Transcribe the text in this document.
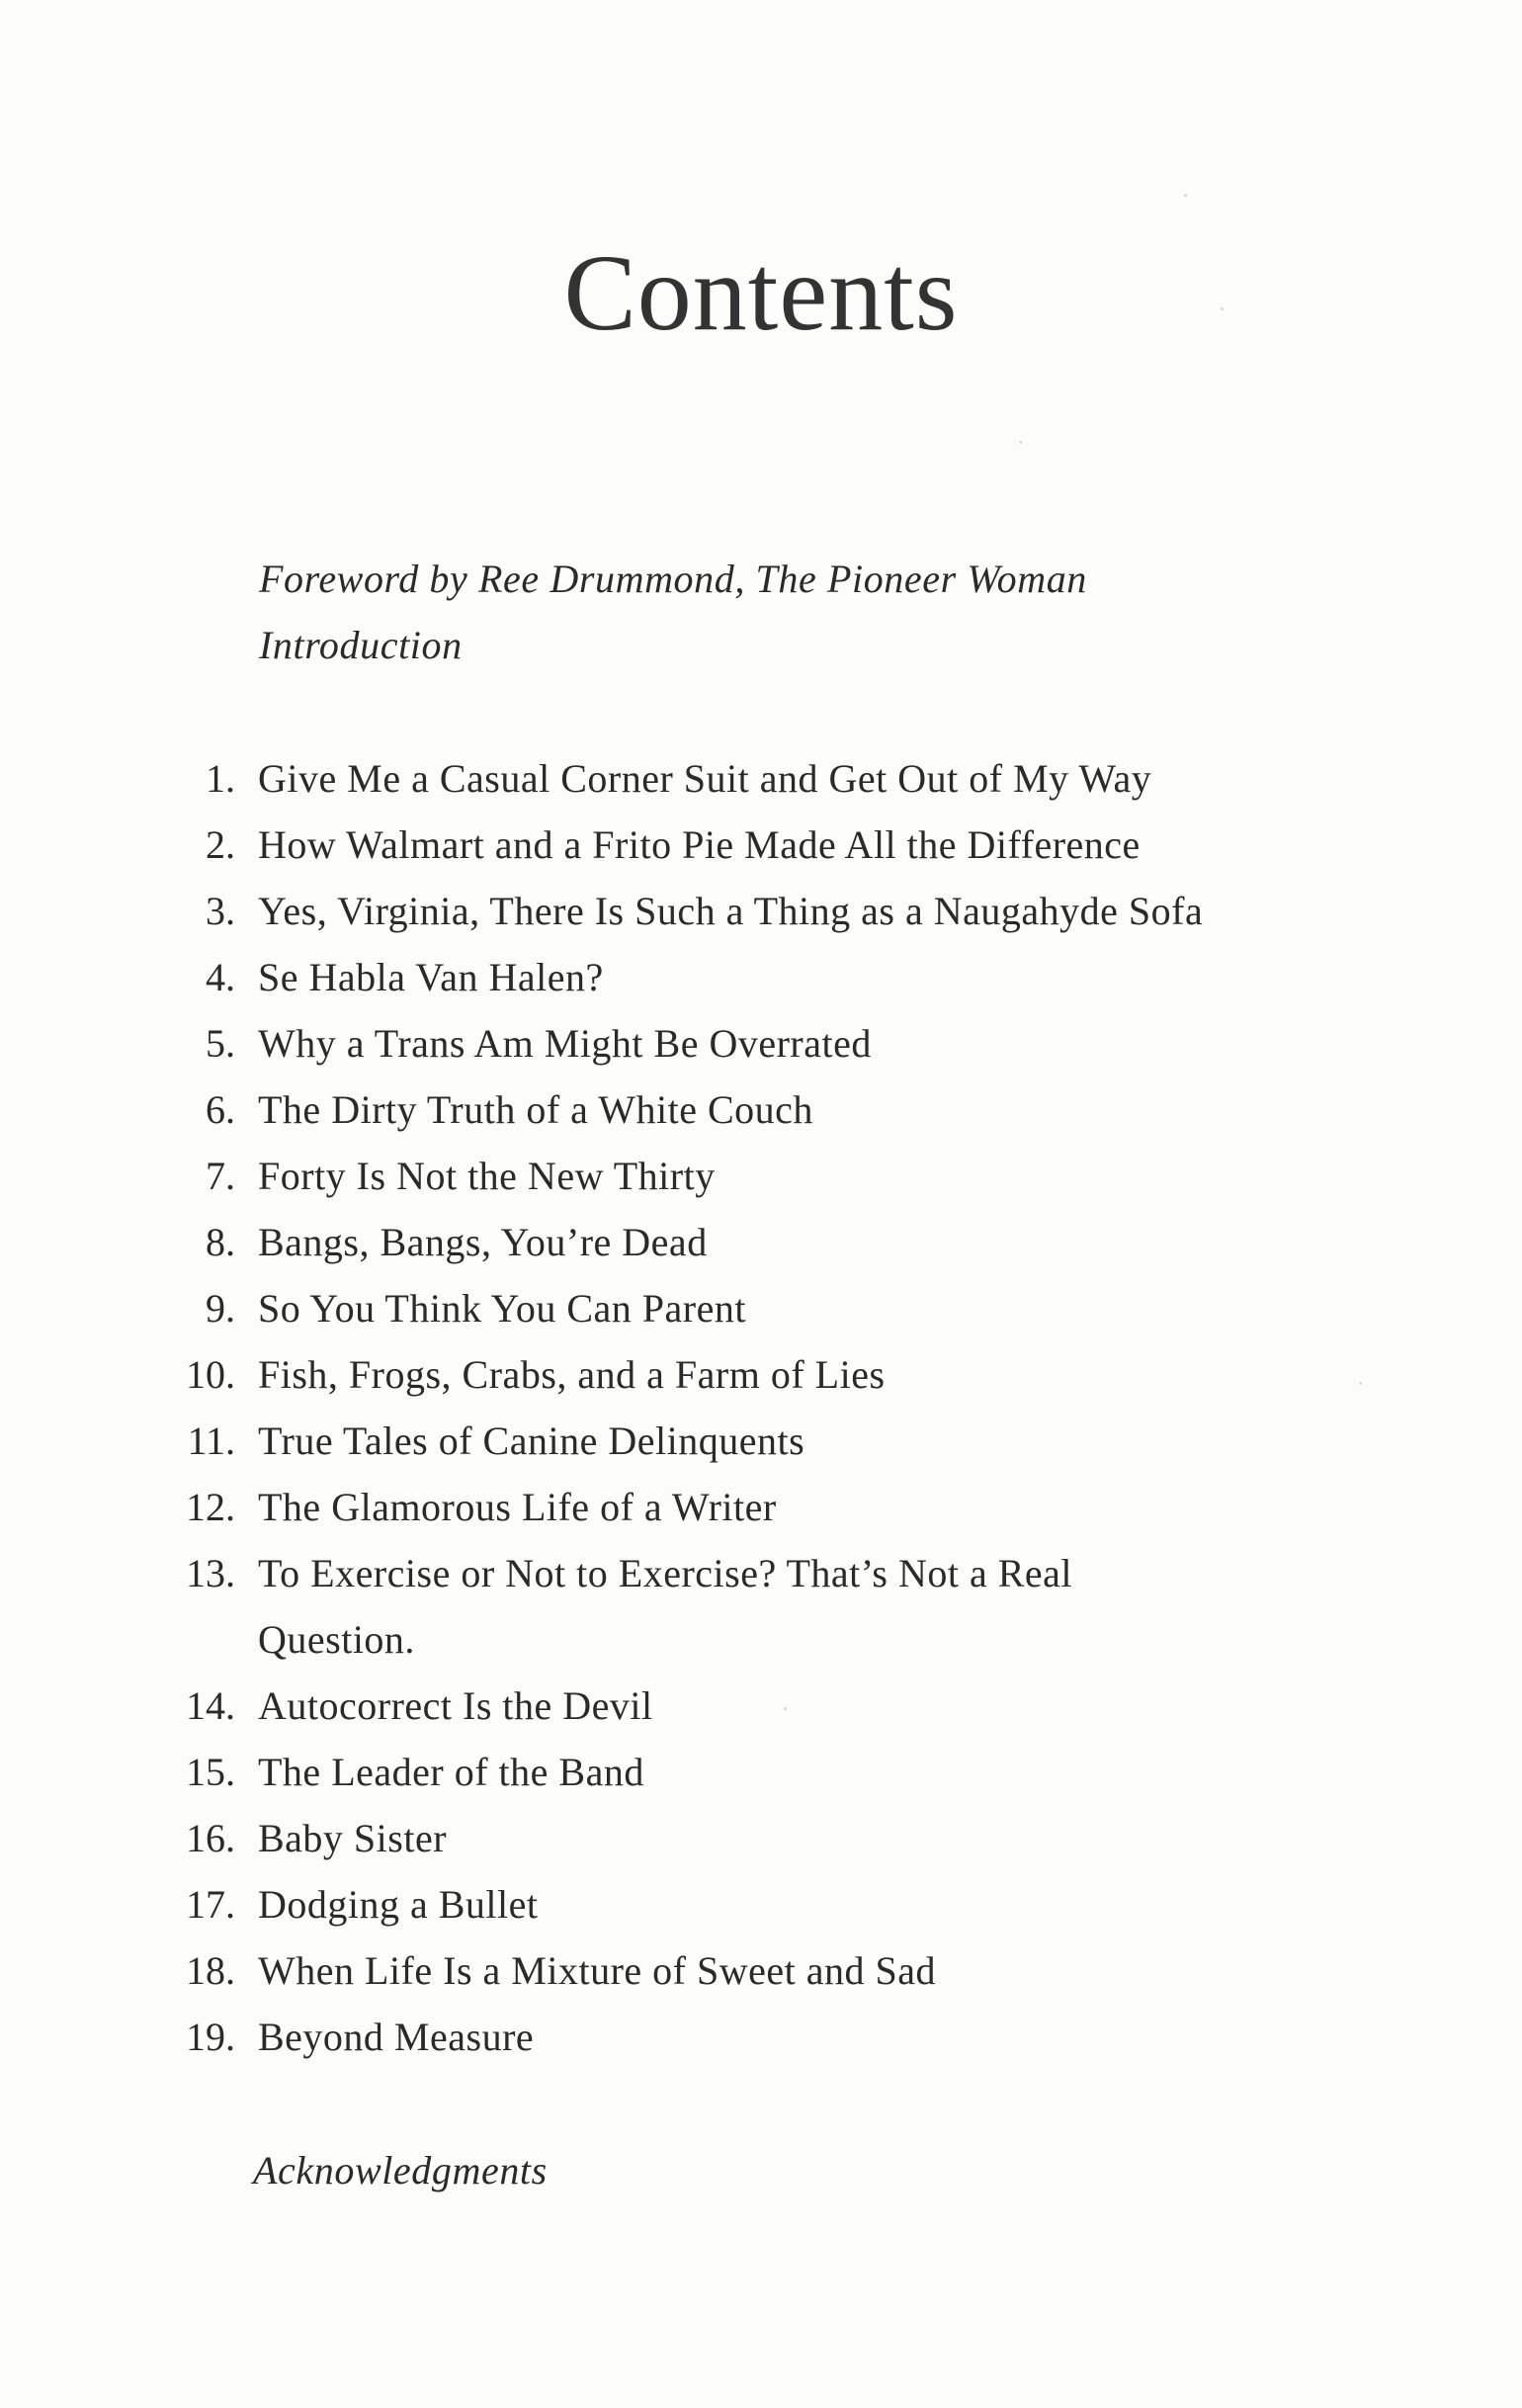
Contents
Foreword by Ree Drummond, The Pioneer Woman
Introduction
1. Give Me a Casual Corner Suit and Get Out of My Way
2. How Walmart and a Frito Pie Made All the Difference
3. Yes, Virginia, There Is Such a Thing as a Naugahyde Sofa
4. Se Habla Van Halen?
5. Why a Trans Am Might Be Overrated
6. The Dirty Truth of a White Couch
7. Forty Is Not the New Thirty
8. Bangs, Bangs, You’re Dead
9. So You Think You Can Parent
10. Fish, Frogs, Crabs, and a Farm of Lies
11. True Tales of Canine Delinquents
12. The Glamorous Life of a Writer
13. To Exercise or Not to Exercise? That’s Not a Real Question.
14. Autocorrect Is the Devil
15. The Leader of the Band
16. Baby Sister
17. Dodging a Bullet
18. When Life Is a Mixture of Sweet and Sad
19. Beyond Measure
Acknowledgments
